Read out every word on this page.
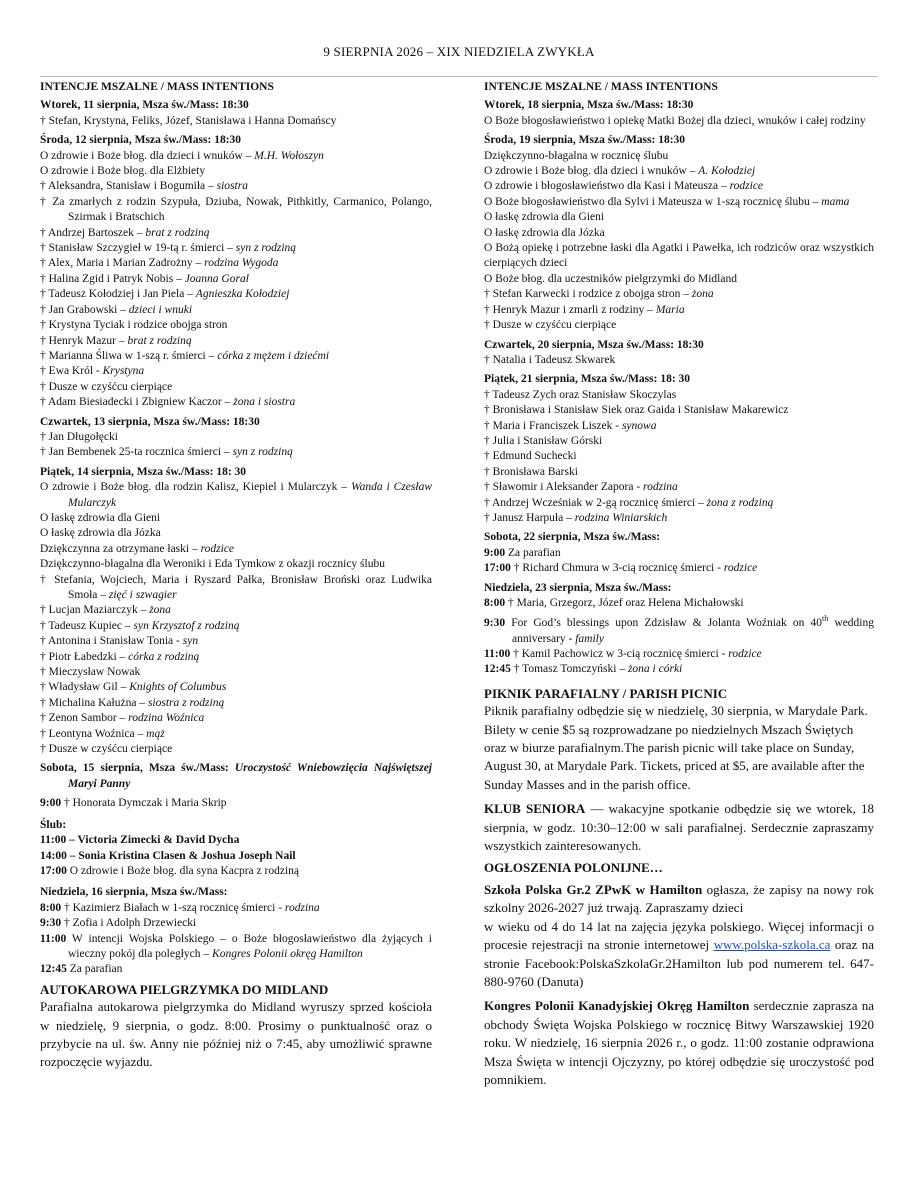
9 SIERPNIA 2026 – XIX NIEDZIELA ZWYKŁA
INTENCJE MSZALNE / MASS INTENTIONS
Wtorek, 11 sierpnia, Msza św./Mass: 18:30
† Stefan, Krystyna, Feliks, Józef, Stanisława i Hanna Domańscy
Środa, 12 sierpnia, Msza św./Mass: 18:30
O zdrowie i Boże błog. dla dzieci i wnuków – M.H. Wołoszyn
O zdrowie i Boże błog. dla Elżbiety
† Aleksandra, Stanisław i Bogumiła – siostra
† Za zmarłych z rodzin Szypuła, Dziuba, Nowak, Pithkitly, Carmanico, Polango, Szirmak i Bratschich
† Andrzej Bartoszek – brat z rodziną
† Stanisław Szczygieł w 19-tą r. śmierci – syn z rodziną
† Alex, Maria i Marian Zadrożny – rodzina Wygoda
† Halina Zgid i Patryk Nobis – Joanna Goral
† Tadeusz Kołodziej i Jan Piela – Agnieszka Kołodziej
† Jan Grabowski – dzieci i wnuki
† Krystyna Tyciak i rodzice obojga stron
† Henryk Mazur – brat z rodziną
† Marianna Śliwa w 1-szą r. śmierci – córka z mężem i dziećmi
† Ewa Król - Krystyna
† Dusze w czyśćcu cierpiące
† Adam Biesiadecki i Zbigniew Kaczor – żona i siostra
Czwartek, 13 sierpnia, Msza św./Mass: 18:30
† Jan Długołęcki
† Jan Bembenek 25-ta rocznica śmierci – syn z rodziną
Piątek, 14 sierpnia, Msza św./Mass: 18: 30
O zdrowie i Boże błog. dla rodzin Kalisz, Kiepiel i Mularczyk – Wanda i Czesław Mularczyk
O łaskę zdrowia dla Gieni
O łaskę zdrowia dla Józka
Dziękczynna za otrzymane łaski – rodzice
Dziękczynno-błagalna dla Weroniki i Eda Tymkow z okazji rocznicy ślubu
† Stefania, Wojciech, Maria i Ryszard Pałka, Bronisław Broński oraz Ludwika Smoła – zięć i szwagier
† Lucjan Maziarczyk – żona
† Tadeusz Kupiec – syn Krzysztof z rodziną
† Antonina i Stanisław Tonia - syn
† Piotr Łabedzki – córka z rodziną
† Mieczysław Nowak
† Władysław Gil – Knights of Columbus
† Michalina Kałużna – siostra z rodziną
† Zenon Sambor – rodzina Woźnica
† Leontyna Woźnica – mąż
† Dusze w czyśćcu cierpiące
Sobota, 15 sierpnia, Msza św./Mass: Uroczystość Wniebowzięcia Najświętszej Maryi Panny
9:00 † Honorata Dymczak i Maria Skrip
Ślub:
11:00 – Victoria Zimecki & David Dycha
14:00 – Sonia Kristina Clasen & Joshua Joseph Nail
17:00 O zdrowie i Boże błog. dla syna Kacpra z rodziną
Niedziela, 16 sierpnia, Msza św./Mass:
8:00 † Kazimierz Białach w 1-szą rocznicę śmierci - rodzina
9:30 † Zofia i Adolph Drzewiecki
11:00 W intencji Wojska Polskiego – o Boże błogosławieństwo dla żyjących i wieczny pokój dla poległych – Kongres Polonii okręg Hamilton
12:45 Za parafian
AUTOKAROWA PIELGRZYMKA DO MIDLAND
Parafialna autokarowa pielgrzymka do Midland wyruszy sprzed kościoła w niedzielę, 9 sierpnia, o godz. 8:00. Prosimy o punktualność oraz o przybycie na ul. św. Anny nie później niż o 7:45, aby umożliwić sprawne rozpoczęcie wyjazdu.
INTENCJE MSZALNE / MASS INTENTIONS
Wtorek, 18 sierpnia, Msza św./Mass: 18:30
O Boże błogosławieństwo i opiekę Matki Bożej dla dzieci, wnuków i całej rodziny
Środa, 19 sierpnia, Msza św./Mass: 18:30
Dziękczynno-błagalna w rocznicę ślubu
O zdrowie i Boże błog. dla dzieci i wnuków – A. Kołodziej
O zdrowie i błogosławieństwo dla Kasi i Mateusza – rodzice
O Boże błogosławieństwo dla Sylvi i Mateusza w 1-szą rocznicę ślubu – mama
O łaskę zdrowia dla Gieni
O łaskę zdrowia dla Józka
O Bożą opiekę i potrzebne łaski dla Agatki i Pawełka, ich rodziców oraz wszystkich cierpiących dzieci
O Boże błog. dla uczestników pielgrzymki do Midland
† Stefan Karwecki i rodzice z obojga stron – żona
† Henryk Mazur i zmarli z rodziny – Maria
† Dusze w czyśćcu cierpiące
Czwartek, 20 sierpnia, Msza św./Mass: 18:30
† Natalia i Tadeusz Skwarek
Piątek, 21 sierpnia, Msza św./Mass: 18: 30
† Tadeusz Zych oraz Stanisław Skoczylas
† Bronisława i Stanisław Siek oraz Gaida i Stanisław Makarewicz
† Maria i Franciszek Liszek - synowa
† Julia i Stanisław Górski
† Edmund Suchecki
† Bronisława Barski
† Sławomir i Aleksander Zapora - rodzina
† Andrzej Wcześniak w 2-gą rocznicę śmierci – żona z rodziną
† Janusz Harpuła – rodzina Winiarskich
Sobota, 22 sierpnia, Msza św./Mass:
9:00 Za parafian
17:00 † Richard Chmura w 3-cią rocznicę śmierci - rodzice
Niedziela, 23 sierpnia, Msza św./Mass:
8:00 † Maria, Grzegorz, Józef oraz Helena Michałowski
9:30 For God’s blessings upon Zdzisław & Jolanta Woźniak on 40th wedding anniversary - family
11:00 † Kamil Pachowicz w 3-cią rocznicę śmierci - rodzice
12:45 † Tomasz Tomczyński – żona i córki
PIKNIK PARAFIALNY / PARISH PICNIC
Piknik parafialny odbędzie się w niedzielę, 30 sierpnia, w Marydale Park. Bilety w cenie $5 są rozprowadzane po niedzielnych Mszach Świętych oraz w biurze parafialnym.The parish picnic will take place on Sunday, August 30, at Marydale Park. Tickets, priced at $5, are available after the Sunday Masses and in the parish office.
KLUB SENIORA — wakacyjne spotkanie odbędzie się we wtorek, 18 sierpnia, w godz. 10:30–12:00 w sali parafialnej. Serdecznie zapraszamy wszystkich zainteresowanych.
OGŁOSZENIA POLONIJNE…
Szkoła Polska Gr.2 ZPwK w Hamilton ogłasza, że zapisy na nowy rok szkolny 2026-2027 już trwają. Zapraszamy dzieci
w wieku od 4 do 14 lat na zajęcia języka polskiego. Więcej informacji o procesie rejestracji na stronie internetowej www.polska-szkola.ca oraz na stronie Facebook:PolskaSzkolaGr.2Hamilton lub pod numerem tel. 647-880-9760 (Danuta)
Kongres Polonii Kanadyjskiej Okręg Hamilton serdecznie zaprasza na obchody Święta Wojska Polskiego w rocznicę Bitwy Warszawskiej 1920 roku. W niedzielę, 16 sierpnia 2026 r., o godz. 11:00 zostanie odprawiona Msza Święta w intencji Ojczyzny, po której odbędzie się uroczystość pod pomnikiem.
